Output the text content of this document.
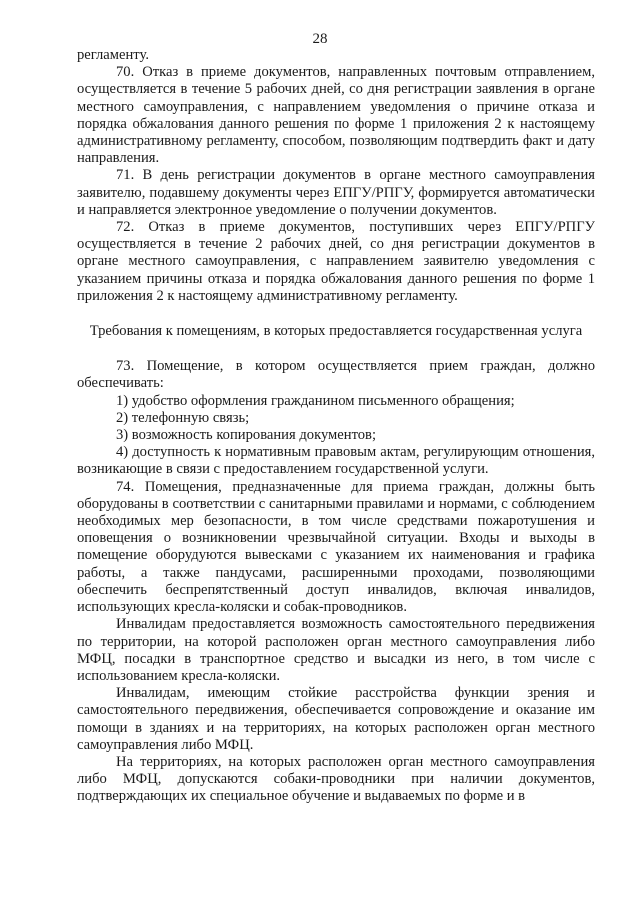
28

регламенту.

70. Отказ в приеме документов, направленных почтовым отправлением, осуществляется в течение 5 рабочих дней, со дня регистрации заявления в органе местного самоуправления, с направлением уведомления о причине отказа и порядка обжалования данного решения по форме 1 приложения 2 к настоящему административному регламенту, способом, позволяющим подтвердить факт и дату направления.

71. В день регистрации документов в органе местного самоуправления заявителю, подавшему документы через ЕПГУ/РПГУ, формируется автоматически и направляется электронное уведомление о получении документов.

72. Отказ в приеме документов, поступивших через ЕПГУ/РПГУ осуществляется в течение 2 рабочих дней, со дня регистрации документов в органе местного самоуправления, с направлением заявителю уведомления с указанием причины отказа и порядка обжалования данного решения по форме 1 приложения 2 к настоящему административному регламенту.

Требования к помещениям, в которых предоставляется государственная услуга

73. Помещение, в котором осуществляется прием граждан, должно обеспечивать:

1) удобство оформления гражданином письменного обращения;

2) телефонную связь;

3) возможность копирования документов;

4) доступность к нормативным правовым актам, регулирующим отношения, возникающие в связи с предоставлением государственной услуги.

74. Помещения, предназначенные для приема граждан, должны быть оборудованы в соответствии с санитарными правилами и нормами, с соблюдением необходимых мер безопасности, в том числе средствами пожаротушения и оповещения о возникновении чрезвычайной ситуации. Входы и выходы в помещение оборудуются вывесками с указанием их наименования и графика работы, а также пандусами, расширенными проходами, позволяющими обеспечить беспрепятственный доступ инвалидов, включая инвалидов, использующих кресла-коляски и собак-проводников.

Инвалидам предоставляется возможность самостоятельного передвижения по территории, на которой расположен орган местного самоуправления либо МФЦ, посадки в транспортное средство и высадки из него, в том числе с использованием кресла-коляски.

Инвалидам, имеющим стойкие расстройства функции зрения и самостоятельного передвижения, обеспечивается сопровождение и оказание им помощи в зданиях и на территориях, на которых расположен орган местного самоуправления либо МФЦ.

На территориях, на которых расположен орган местного самоуправления либо МФЦ, допускаются собаки-проводники при наличии документов, подтверждающих их специальное обучение и выдаваемых по форме и в
